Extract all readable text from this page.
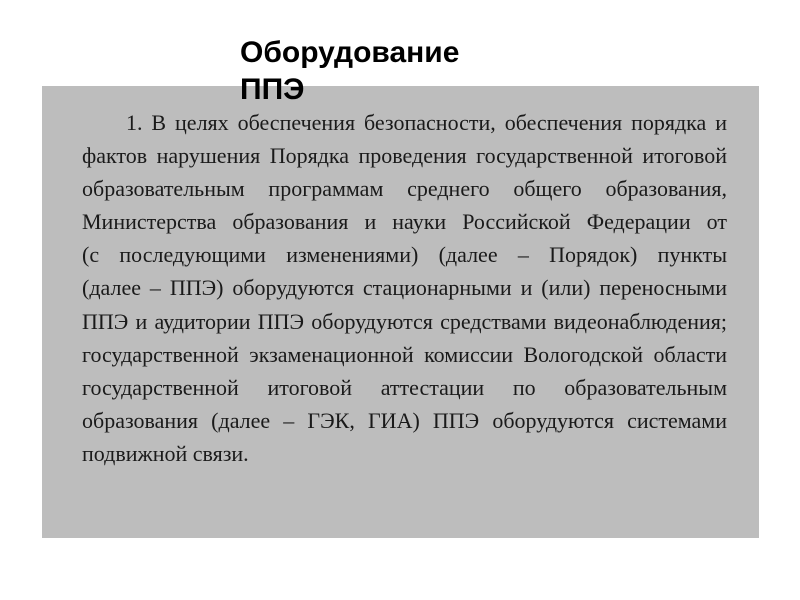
1. В целях обеспечения безопасности, обеспечения порядка и
фактов нарушения Порядка проведения государственной итоговой
образовательным программам среднего общего образования,
Министерства образования и науки Российской Федерации от
(с последующими изменениями) (далее – Порядок) пункты
(далее – ППЭ) оборудуются стационарными и (или) переносными
ППЭ и аудитории ППЭ оборудуются средствами видеонаблюдения;
государственной экзаменационной комиссии Вологодской области
государственной итоговой аттестации по образовательным
образования (далее – ГЭК, ГИА) ППЭ оборудуются системами
подвижной связи.
Оборудование
ППЭ
